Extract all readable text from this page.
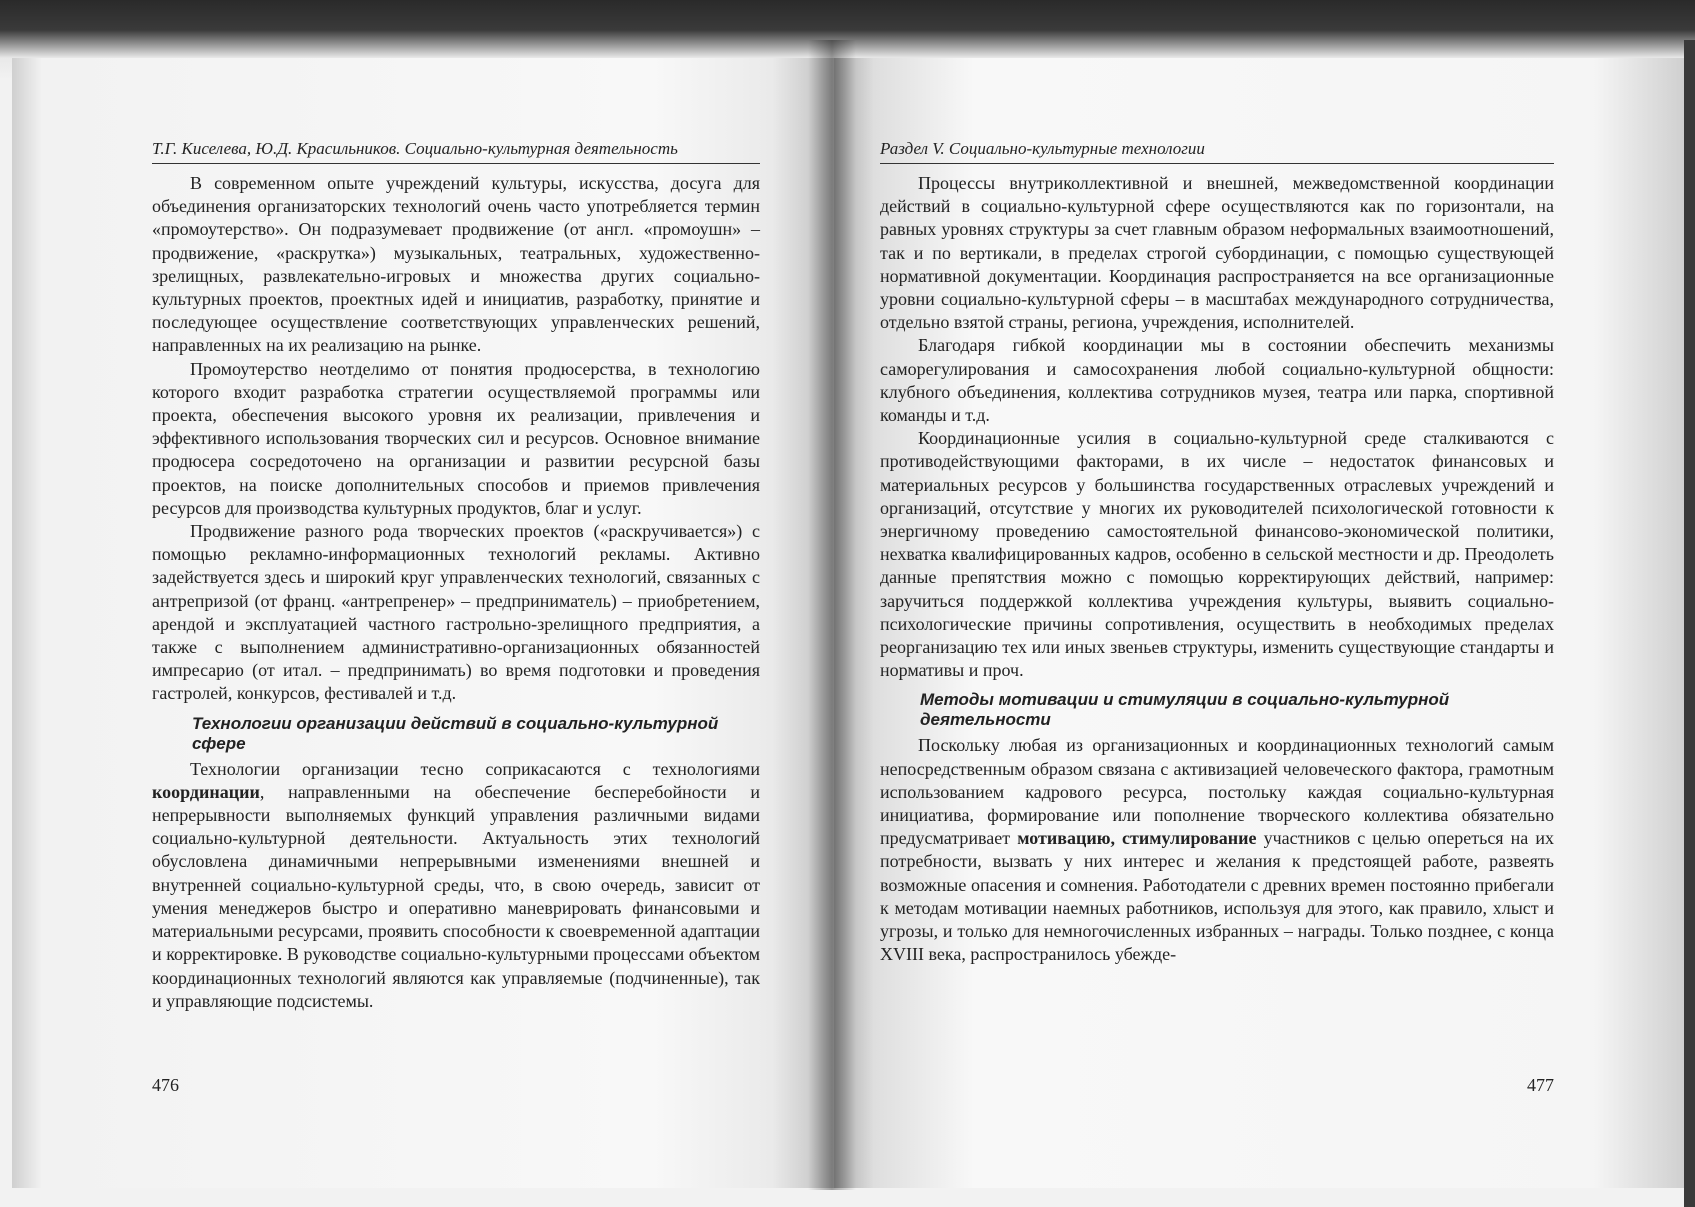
Т.Г. Киселева, Ю.Д. Красильников. Социально-культурная деятельность

В современном опыте учреждений культуры, искусства, досуга для объединения организаторских технологий очень часто употребляется термин «промоутерство». Он подразумевает продвижение (от англ. «промоушн» – продвижение, «раскрутка») музыкальных, театральных, художественно-зрелищных, развлекательно-игровых и множества других социально-культурных проектов, проектных идей и инициатив, разработку, принятие и последующее осуществление соответствующих управленческих решений, направленных на их реализацию на рынке.

Промоутерство неотделимо от понятия продюсерства, в технологию которого входит разработка стратегии осуществляемой программы или проекта, обеспечения высокого уровня их реализации, привлечения и эффективного использования творческих сил и ресурсов. Основное внимание продюсера сосредоточено на организации и развитии ресурсной базы проектов, на поиске дополнительных способов и приемов привлечения ресурсов для производства культурных продуктов, благ и услуг.

Продвижение разного рода творческих проектов («раскручивается») с помощью рекламно-информационных технологий рекламы. Активно задействуется здесь и широкий круг управленческих технологий, связанных с антрепризой (от франц. «антрепренер» – предприниматель) – приобретением, арендой и эксплуатацией частного гастрольно-зрелищного предприятия, а также с выполнением административно-организационных обязанностей импресарио (от итал. – предпринимать) во время подготовки и проведения гастролей, конкурсов, фестивалей и т.д.

Технологии организации действий в социально-культурной сфере

Технологии организации тесно соприкасаются с технологиями координации, направленными на обеспечение бесперебойности и непрерывности выполняемых функций управления различными видами социально-культурной деятельности. Актуальность этих технологий обусловлена динамичными непрерывными изменениями внешней и внутренней социально-культурной среды, что, в свою очередь, зависит от умения менеджеров быстро и оперативно маневрировать финансовыми и материальными ресурсами, проявить способности к своевременной адаптации и корректировке. В руководстве социально-культурными процессами объектом координационных технологий являются как управляемые (подчиненные), так и управляющие подсистемы.

476
Раздел V. Социально-культурные технологии

Процессы внутриколлективной и внешней, межведомственной координации действий в социально-культурной сфере осуществляются как по горизонтали, на равных уровнях структуры за счет главным образом неформальных взаимоотношений, так и по вертикали, в пределах строгой субординации, с помощью существующей нормативной документации. Координация распространяется на все организационные уровни социально-культурной сферы – в масштабах международного сотрудничества, отдельно взятой страны, региона, учреждения, исполнителей.

Благодаря гибкой координации мы в состоянии обеспечить механизмы саморегулирования и самосохранения любой социально-культурной общности: клубного объединения, коллектива сотрудников музея, театра или парка, спортивной команды и т.д.

Координационные усилия в социально-культурной среде сталкиваются с противодействующими факторами, в их числе – недостаток финансовых и материальных ресурсов у большинства государственных отраслевых учреждений и организаций, отсутствие у многих их руководителей психологической готовности к энергичному проведению самостоятельной финансово-экономической политики, нехватка квалифицированных кадров, особенно в сельской местности и др. Преодолеть данные препятствия можно с помощью корректирующих действий, например: заручиться поддержкой коллектива учреждения культуры, выявить социально-психологические причины сопротивления, осуществить в необходимых пределах реорганизацию тех или иных звеньев структуры, изменить существующие стандарты и нормативы и проч.

Методы мотивации и стимуляции в социально-культурной деятельности

Поскольку любая из организационных и координационных технологий самым непосредственным образом связана с активизацией человеческого фактора, грамотным использованием кадрового ресурса, постольку каждая социально-культурная инициатива, формирование или пополнение творческого коллектива обязательно предусматривает мотивацию, стимулирование участников с целью опереться на их потребности, вызвать у них интерес и желания к предстоящей работе, развеять возможные опасения и сомнения. Работодатели с древних времен постоянно прибегали к методам мотивации наемных работников, используя для этого, как правило, хлыст и угрозы, и только для немногочисленных избранных – награды. Только позднее, с конца XVIII века, распространилось убежде-

477
